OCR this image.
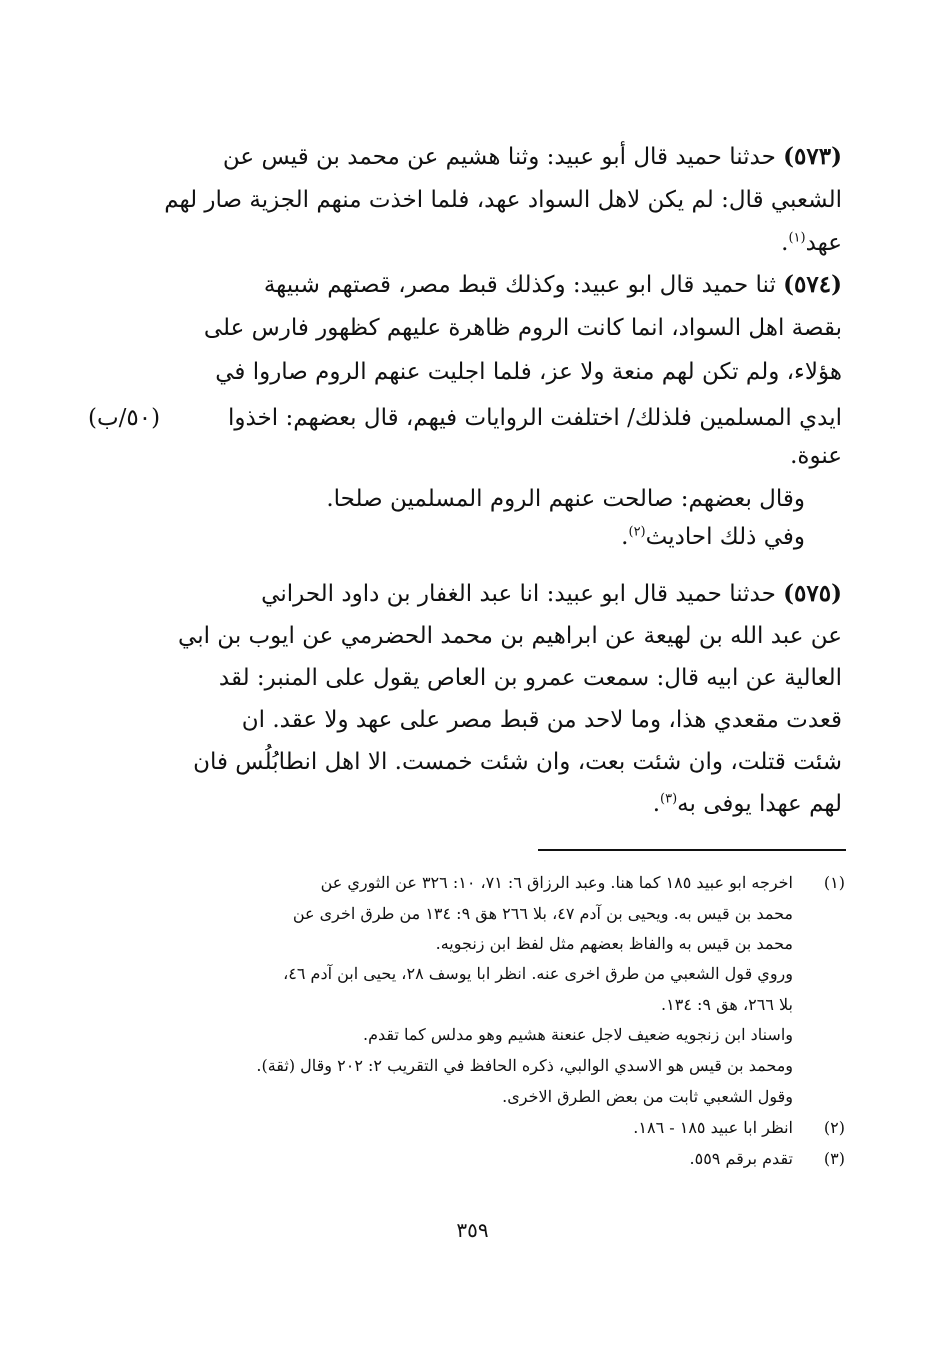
(٥٧٣) حدثنا حميد قال أبو عبيد: وثنا هشيم عن محمد بن قيس عن
الشعبي قال: لم يكن لاهل السواد عهد، فلما اخذت منهم الجزية صار لهم
عهد$^{(١)}$.
(٥٧٤) ثنا حميد قال ابو عبيد: وكذلك قبط مصر، قصتهم شبيهة
بقصة اهل السواد، انما كانت الروم ظاهرة عليهم كظهور فارس على
هؤلاء، ولم تكن لهم منعة ولا عز، فلما اجليت عنهم الروم صاروا في
ايدي المسلمين فلذلك/ اختلفت الروايات فيهم، قال بعضهم: اخذوا
عنوة.
وقال بعضهم: صالحت عنهم الروم المسلمين صلحا.
وفي ذلك احاديث$^{(٢)}$.
(٥٧٥) حدثنا حميد قال ابو عبيد: انا عبد الغفار بن داود الحراني
عن عبد الله بن لهيعة عن ابراهيم بن محمد الحضرمي عن ايوب بن ابي
العالية عن ابيه قال: سمعت عمرو بن العاص يقول على المنبر: لقد
قعدت مقعدي هذا، وما لاحد من قبط مصر على عهد ولا عقد. ان
شئت قتلت، وان شئت بعت، وان شئت خمست. الا اهل انطابُلُس فان
لهم عهدا يوفى به$^{(٣)}$.
(٥٠/ب)
(١)
اخرجه ابو عبيد ١٨٥ كما هنا. وعبد الرزاق ٦: ٧١، ١٠: ٣٢٦ عن الثوري عن
محمد بن قيس به. ويحيى بن آدم ٤٧، بلا ٢٦٦ هق ٩: ١٣٤ من طرق اخرى عن
محمد بن قيس به والفاظ بعضهم مثل لفظ ابن زنجويه.
وروي قول الشعبي من طرق اخرى عنه. انظر ابا يوسف ٢٨، يحيى ابن آدم ٤٦،
بلا ٢٦٦، هق ٩: ١٣٤.
واسناد ابن زنجويه ضعيف لاجل عنعنة هشيم وهو مدلس كما تقدم.
ومحمد بن قيس هو الاسدي الوالبي، ذكره الحافظ في التقريب ٢: ٢٠٢ وقال (ثقة).
وقول الشعبي ثابت من بعض الطرق الاخرى.
(٢)
انظر ابا عبيد ١٨٥ - ١٨٦.
(٣)
تقدم برقم ٥٥٩.
٣٥٩
